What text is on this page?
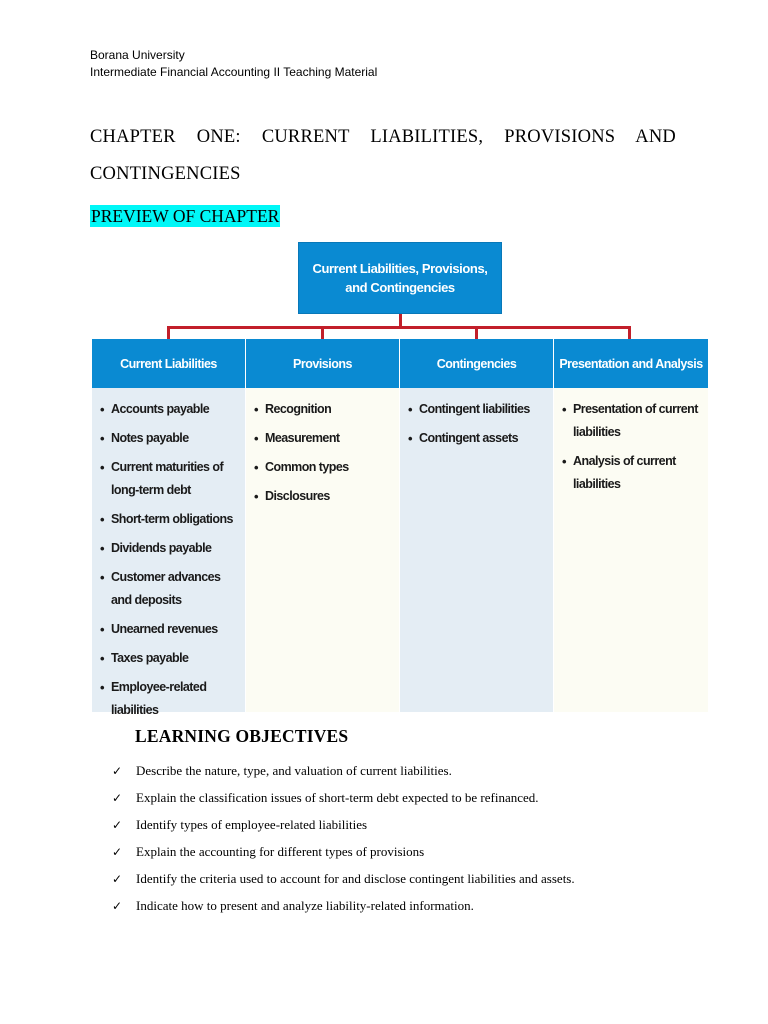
Borana University
Intermediate Financial Accounting II Teaching Material
CHAPTER ONE: CURRENT LIABILITIES, PROVISIONS AND CONTINGENCIES
PREVIEW OF CHAPTER
Current Liabilities, Provisions,
and Contingencies
Current Liabilities
• Accounts payable
• Notes payable
• Current maturities of long-term debt
• Short-term obligations
• Dividends payable
• Customer advances and deposits
• Unearned revenues
• Taxes payable
• Employee-related liabilities
Provisions
• Recognition
• Measurement
• Common types
• Disclosures
Contingencies
• Contingent liabilities
• Contingent assets
Presentation and Analysis
• Presentation of current liabilities
• Analysis of current liabilities
LEARNING OBJECTIVES
✓	Describe the nature, type, and valuation of current liabilities.
✓	Explain the classification issues of short-term debt expected to be refinanced.
✓	Identify types of employee-related liabilities
✓	Explain the accounting for different types of provisions
✓	Identify the criteria used to account for and disclose contingent liabilities and assets.
✓	Indicate how to present and analyze liability-related information.
